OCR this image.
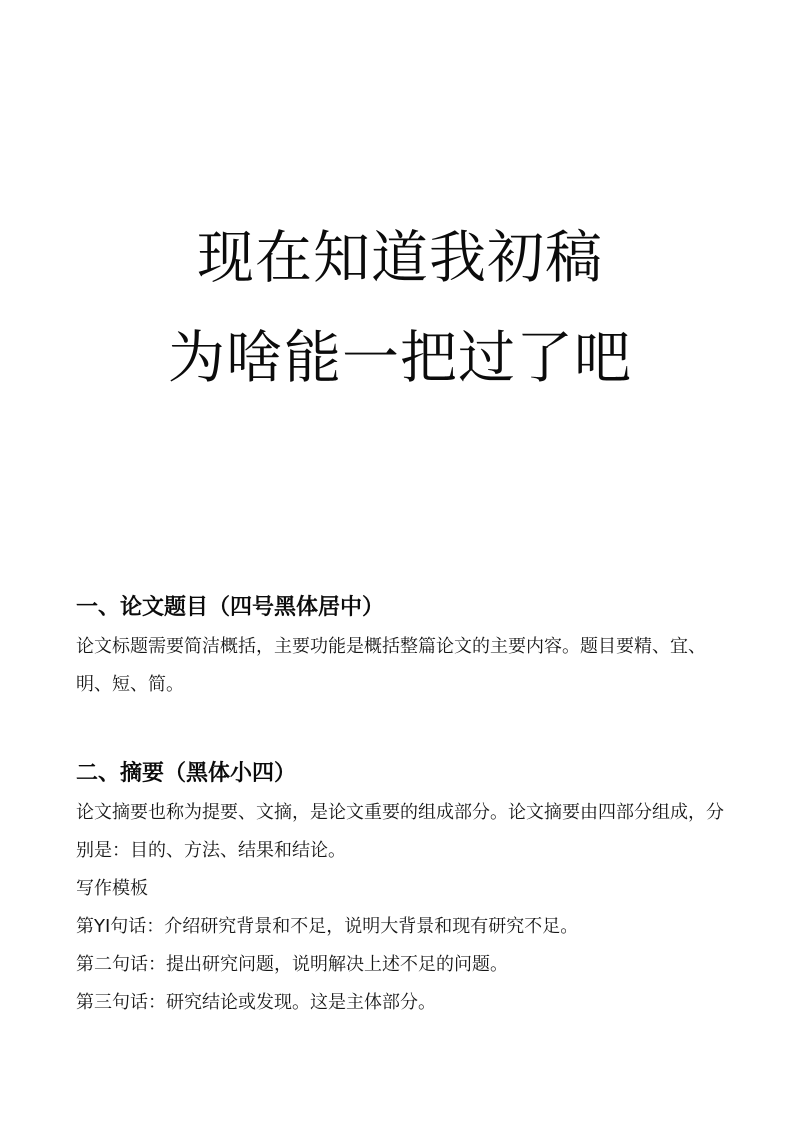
现在知道我初稿
为啥能一把过了吧
一、论文题目（四号黑体居中）

论文标题需要简洁概括，主要功能是概括整篇论文的主要内容。题目要精、宜、明、短、简。

二、摘要（黑体小四）

论文摘要也称为提要、文摘，是论文重要的组成部分。论文摘要由四部分组成，分别是：目的、方法、结果和结论。

写作模板

第YI句话：介绍研究背景和不足，说明大背景和现有研究不足。

第二句话：提出研究问题，说明解决上述不足的问题。

第三句话：研究结论或发现。这是主体部分。
